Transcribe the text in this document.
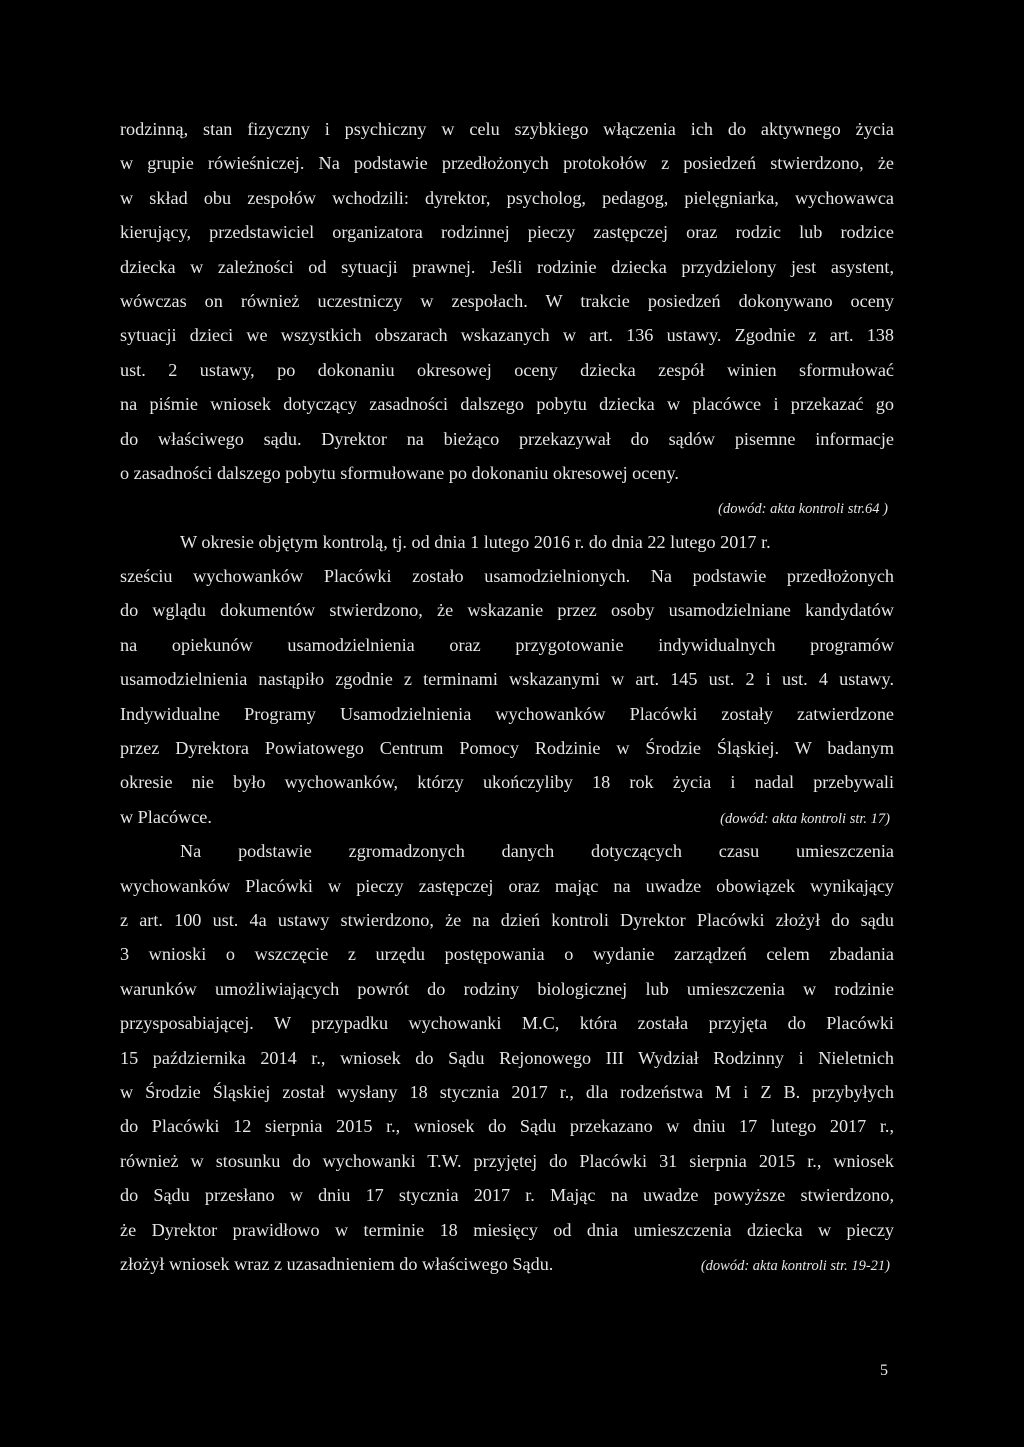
rodzinną, stan fizyczny i psychiczny w celu szybkiego włączenia ich do aktywnego życia
w grupie rówieśniczej. Na podstawie przedłożonych protokołów z posiedzeń stwierdzono, że
w skład obu zespołów wchodzili: dyrektor, psycholog, pedagog, pielęgniarka, wychowawca
kierujący, przedstawiciel organizatora rodzinnej pieczy zastępczej oraz rodzic lub rodzice
dziecka w zależności od sytuacji prawnej. Jeśli rodzinie dziecka przydzielony jest asystent,
wówczas on również uczestniczy w zespołach. W trakcie posiedzeń dokonywano oceny
sytuacji dzieci we wszystkich obszarach wskazanych w art. 136 ustawy. Zgodnie z art. 138
ust. 2 ustawy, po dokonaniu okresowej oceny dziecka zespół winien sformułować
na piśmie wniosek dotyczący zasadności dalszego pobytu dziecka w placówce i przekazać go
do właściwego sądu. Dyrektor na bieżąco przekazywał do sądów pisemne informacje
o zasadności dalszego pobytu sformułowane po dokonaniu okresowej oceny.
(dowód: akta kontroli str.64 )
W okresie objętym kontrolą, tj. od dnia 1 lutego 2016 r. do dnia 22 lutego 2017 r.
sześciu wychowanków Placówki zostało usamodzielnionych. Na podstawie przedłożonych
do wglądu dokumentów stwierdzono, że wskazanie przez osoby usamodzielniane kandydatów
na opiekunów usamodzielnienia oraz przygotowanie indywidualnych programów
usamodzielnienia nastąpiło zgodnie z terminami wskazanymi w art. 145 ust. 2 i ust. 4 ustawy.
Indywidualne Programy Usamodzielnienia wychowanków Placówki zostały zatwierdzone
przez Dyrektora Powiatowego Centrum Pomocy Rodzinie w Środzie Śląskiej. W badanym
okresie nie było wychowanków, którzy ukończyliby 18 rok życia i nadal przebywali
w Placówce.	(dowód: akta kontroli str. 17)
Na podstawie zgromadzonych danych dotyczących czasu umieszczenia
wychowanków Placówki w pieczy zastępczej oraz mając na uwadze obowiązek wynikający
z art. 100 ust. 4a ustawy stwierdzono, że na dzień kontroli Dyrektor Placówki złożył do sądu
3 wnioski o wszczęcie z urzędu postępowania o wydanie zarządzeń celem zbadania
warunków umożliwiających powrót do rodziny biologicznej lub umieszczenia w rodzinie
przysposabiającej. W przypadku wychowanki M.C, która została przyjęta do Placówki
15 października 2014 r., wniosek do Sądu Rejonowego III Wydział Rodzinny i Nieletnich
w Środzie Śląskiej został wysłany 18 stycznia 2017 r., dla rodzeństwa M i Z B. przybyłych
do Placówki 12 sierpnia 2015 r., wniosek do Sądu przekazano w dniu 17 lutego 2017 r.,
również w stosunku do wychowanki T.W. przyjętej do Placówki 31 sierpnia 2015 r., wniosek
do Sądu przesłano w dniu 17 stycznia 2017 r. Mając na uwadze powyższe stwierdzono,
że Dyrektor prawidłowo w terminie 18 miesięcy od dnia umieszczenia dziecka w pieczy
złożył wniosek wraz z uzasadnieniem do właściwego Sądu.	(dowód: akta kontroli str. 19-21)
5
